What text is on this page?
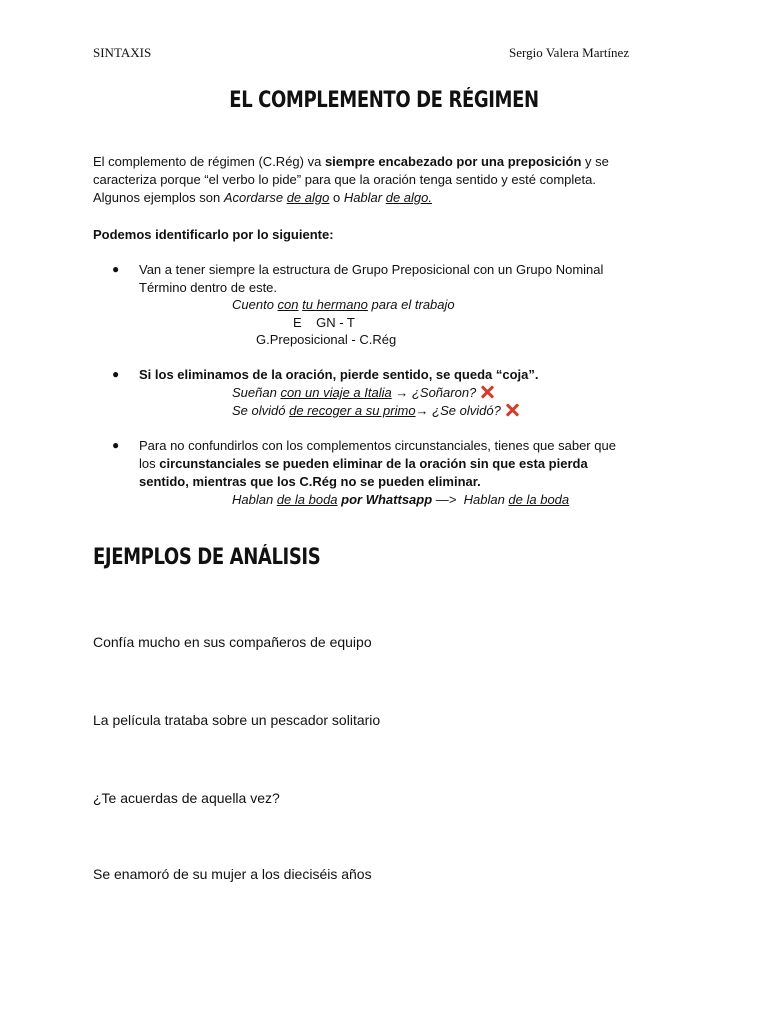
SINTAXIS	Sergio Valera Martínez
EL COMPLEMENTO DE RÉGIMEN
El complemento de régimen (C.Rég) va siempre encabezado por una preposición y se
caracteriza porque “el verbo lo pide” para que la oración tenga sentido y esté completa.
Algunos ejemplos son Acordarse de algo o Hablar de algo.
Podemos identificarlo por lo siguiente:
● Van a tener siempre la estructura de Grupo Preposicional con un Grupo Nominal
Término dentro de este.
Cuento con tu hermano para el trabajo
E    GN - T
G.Preposicional - C.Rég
● Si los eliminamos de la oración, pierde sentido, se queda “coja”.
Sueñan con un viaje a Italia → ¿Soñaron?
Se olvidó de recoger a su primo→ ¿Se olvidó?
● Para no confundirlos con los complementos circunstanciales, tienes que saber que
los circunstanciales se pueden eliminar de la oración sin que esta pierda
sentido, mientras que los C.Rég no se pueden eliminar.
Hablan de la boda por Whattsapp —>  Hablan de la boda
EJEMPLOS DE ANÁLISIS
Confía mucho en sus compañeros de equipo
La película trataba sobre un pescador solitario
¿Te acuerdas de aquella vez?
Se enamoró de su mujer a los dieciséis años
